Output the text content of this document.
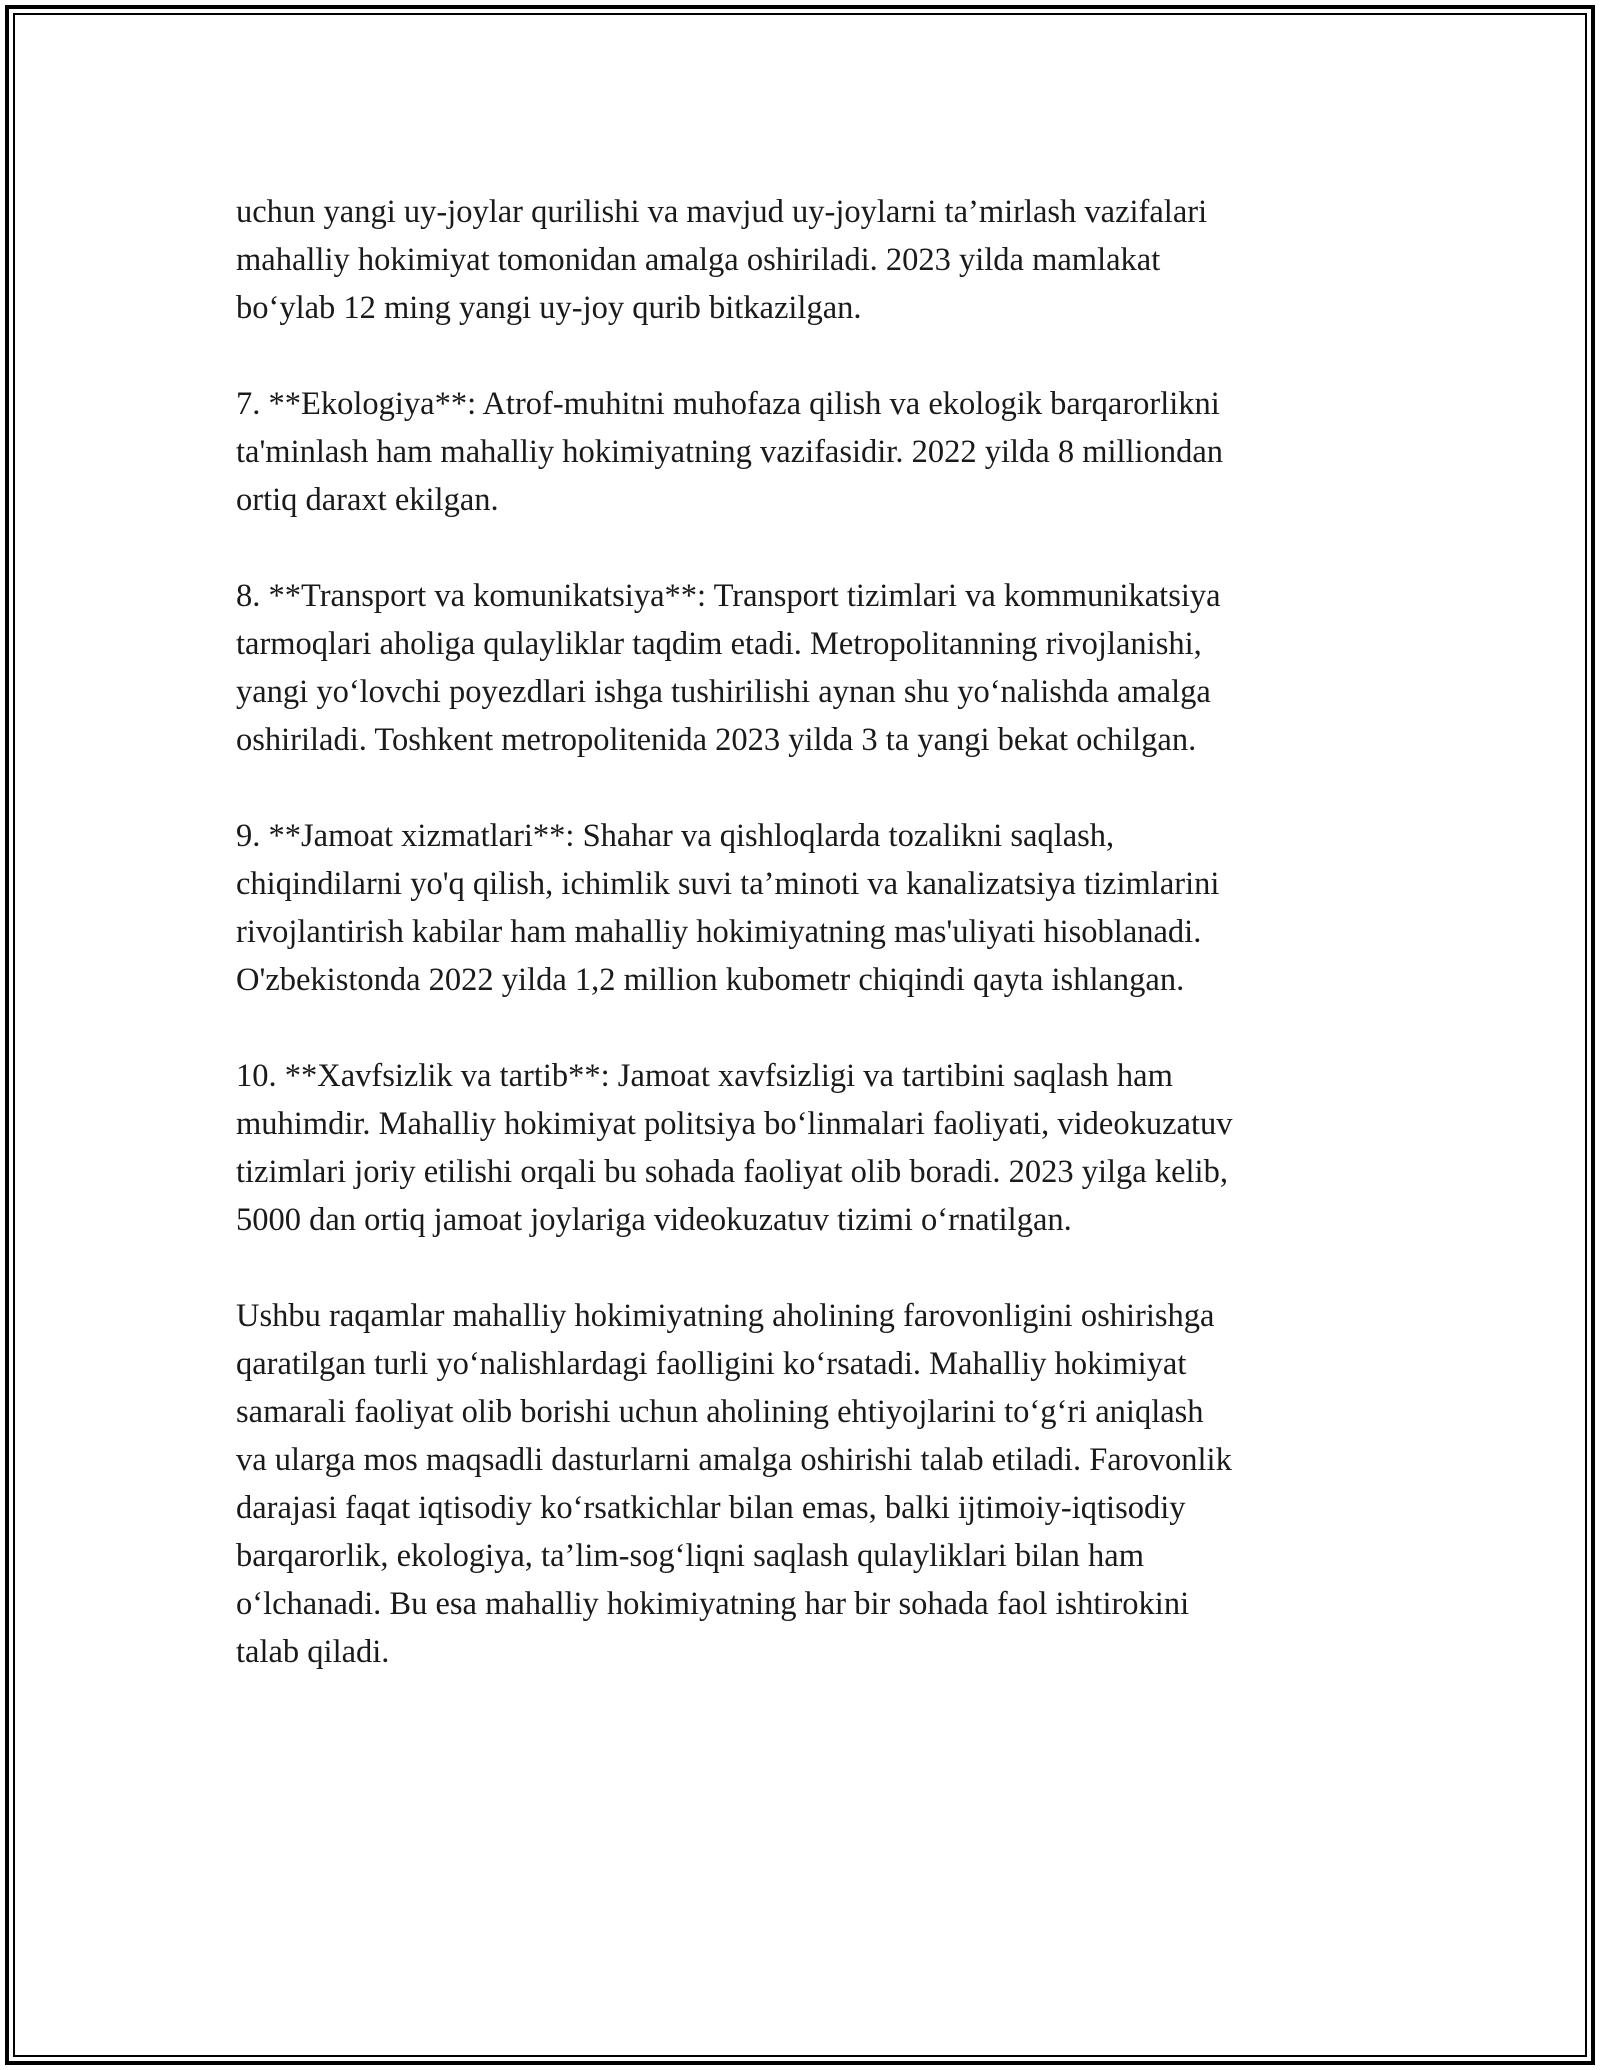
uchun yangi uy-joylar qurilishi va mavjud uy-joylarni ta’mirlash vazifalari
mahalliy hokimiyat tomonidan amalga oshiriladi. 2023 yilda mamlakat
bo‘ylab 12 ming yangi uy-joy qurib bitkazilgan.

7. **Ekologiya**: Atrof-muhitni muhofaza qilish va ekologik barqarorlikni
ta'minlash ham mahalliy hokimiyatning vazifasidir. 2022 yilda 8 milliondan
ortiq daraxt ekilgan.

8. **Transport va komunikatsiya**: Transport tizimlari va kommunikatsiya
tarmoqlari aholiga qulayliklar taqdim etadi. Metropolitanning rivojlanishi,
yangi yo‘lovchi poyezdlari ishga tushirilishi aynan shu yo‘nalishda amalga
oshiriladi. Toshkent metropolitenida 2023 yilda 3 ta yangi bekat ochilgan.

9. **Jamoat xizmatlari**: Shahar va qishloqlarda tozalikni saqlash,
chiqindilarni yo'q qilish, ichimlik suvi ta’minoti va kanalizatsiya tizimlarini
rivojlantirish kabilar ham mahalliy hokimiyatning mas'uliyati hisoblanadi.
O'zbekistonda 2022 yilda 1,2 million kubometr chiqindi qayta ishlangan.

10. **Xavfsizlik va tartib**: Jamoat xavfsizligi va tartibini saqlash ham
muhimdir. Mahalliy hokimiyat politsiya bo‘linmalari faoliyati, videokuzatuv
tizimlari joriy etilishi orqali bu sohada faoliyat olib boradi. 2023 yilga kelib,
5000 dan ortiq jamoat joylariga videokuzatuv tizimi o‘rnatilgan.

Ushbu raqamlar mahalliy hokimiyatning aholining farovonligini oshirishga
qaratilgan turli yo‘nalishlardagi faolligini ko‘rsatadi. Mahalliy hokimiyat
samarali faoliyat olib borishi uchun aholining ehtiyojlarini to‘g‘ri aniqlash
va ularga mos maqsadli dasturlarni amalga oshirishi talab etiladi. Farovonlik
darajasi faqat iqtisodiy ko‘rsatkichlar bilan emas, balki ijtimoiy-iqtisodiy
barqarorlik, ekologiya, ta’lim-sog‘liqni saqlash qulayliklari bilan ham
o‘lchanadi. Bu esa mahalliy hokimiyatning har bir sohada faol ishtirokini
talab qiladi.
